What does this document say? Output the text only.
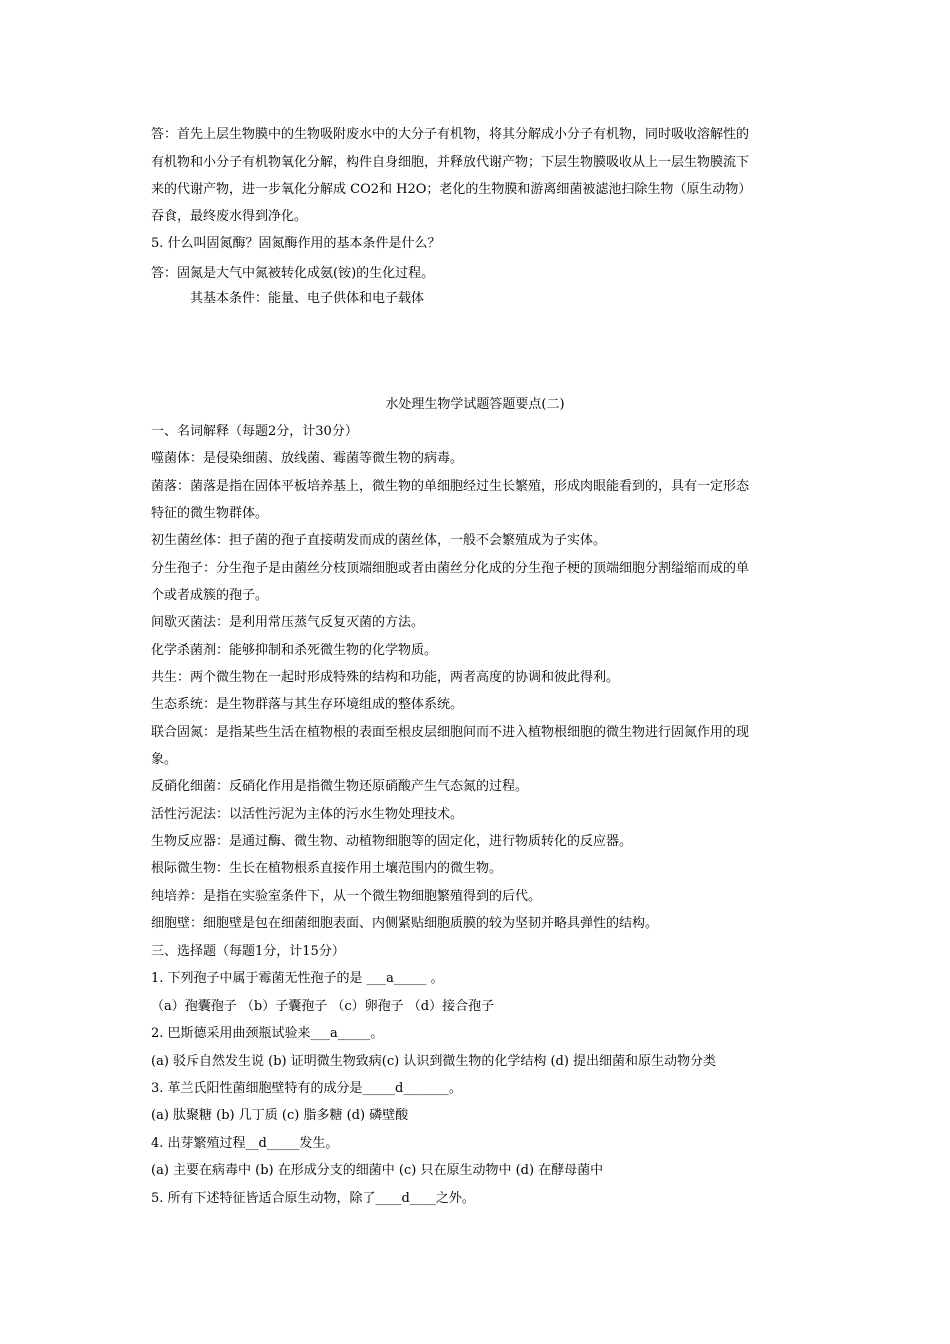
答：首先上层生物膜中的生物吸附废水中的大分子有机物，将其分解成小分子有机物，同时吸收溶解性的
有机物和小分子有机物氧化分解，构件自身细胞，并释放代谢产物；下层生物膜吸收从上一层生物膜流下
来的代谢产物，进一步氧化分解成 CO2和 H2O；老化的生物膜和游离细菌被滤池扫除生物（原生动物）
吞食，最终废水得到净化。
5. 什么叫固氮酶？固氮酶作用的基本条件是什么？
答：固氮是大气中氮被转化成氨(铵)的生化过程。
其基本条件：能量、电子供体和电子载体
水处理生物学试题答题要点(二)
一、名词解释（每题2分，计30分）
噬菌体：是侵染细菌、放线菌、霉菌等微生物的病毒。
菌落：菌落是指在固体平板培养基上，微生物的单细胞经过生长繁殖，形成肉眼能看到的，具有一定形态
特征的微生物群体。
初生菌丝体：担子菌的孢子直接萌发而成的菌丝体，一般不会繁殖成为子实体。
分生孢子：分生孢子是由菌丝分枝顶端细胞或者由菌丝分化成的分生孢子梗的顶端细胞分割缢缩而成的单
个或者成簇的孢子。
间歇灭菌法：是利用常压蒸气反复灭菌的方法。
化学杀菌剂：能够抑制和杀死微生物的化学物质。
共生：两个微生物在一起时形成特殊的结构和功能，两者高度的协调和彼此得利。
生态系统：是生物群落与其生存环境组成的整体系统。
联合固氮：是指某些生活在植物根的表面至根皮层细胞间而不进入植物根细胞的微生物进行固氮作用的现
象。
反硝化细菌：反硝化作用是指微生物还原硝酸产生气态氮的过程。
活性污泥法：以活性污泥为主体的污水生物处理技术。
生物反应器：是通过酶、微生物、动植物细胞等的固定化，进行物质转化的反应器。
根际微生物：生长在植物根系直接作用土壤范围内的微生物。
纯培养：是指在实验室条件下，从一个微生物细胞繁殖得到的后代。
细胞壁：细胞壁是包在细菌细胞表面、内侧紧贴细胞质膜的较为坚韧并略具弹性的结构。
三、选择题（每题1分，计15分）
1. 下列孢子中属于霉菌无性孢子的是 ___a_____ 。
（a）孢囊孢子 （b）子囊孢子 （c）卵孢子 （d）接合孢子
2. 巴斯德采用曲颈瓶试验来___a_____。
(a) 驳斥自然发生说 (b) 证明微生物致病(c) 认识到微生物的化学结构 (d) 提出细菌和原生动物分类
3. 革兰氏阳性菌细胞壁特有的成分是_____d_______。
(a) 肽聚糖 (b) 几丁质 (c) 脂多糖 (d) 磷壁酸
4. 出芽繁殖过程__d_____发生。
(a) 主要在病毒中 (b) 在形成分支的细菌中 (c) 只在原生动物中 (d) 在酵母菌中
5. 所有下述特征皆适合原生动物，除了____d____之外。
